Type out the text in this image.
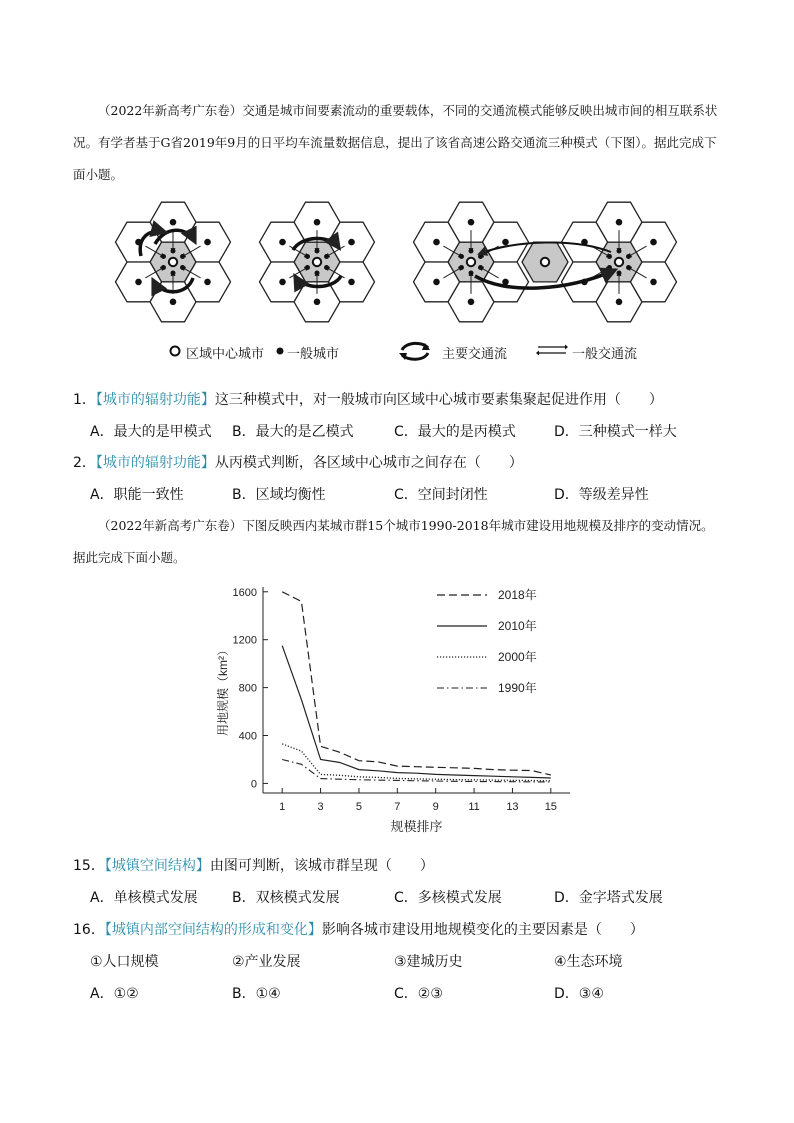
（2022年新高考广东卷）交通是城市间要素流动的重要载体，不同的交通流模式能够反映出城市间的相互联系状况。有学者基于G省2019年9月的日平均车流量数据信息，提出了该省高速公路交通流三种模式（下图）。据此完成下面小题。
区域中心城市 一般城市	主要交通流	一般交通流
1．【城市的辐射功能】这三种模式中，对一般城市向区域中心城市要素集聚起促进作用（　　）
A．最大的是甲模式 B．最大的是乙模式	C．最大的是丙模式	D．三种模式一样大
2．【城市的辐射功能】从丙模式判断，各区域中心城市之间存在（　　）
A．职能一致性	B．区域均衡性	C．空间封闭性	D．等级差异性
（2022年新高考广东卷）下图反映西内某城市群15个城市1990-2018年城市建设用地规模及排序的变动情况。据此完成下面小题。
0
400
800
1200
1600
1	3	5	7	9	11 13 15
规模排序
用地规模（km²）
2018年
2010年
2000年
1990年
15．【城镇空间结构】由图可判断，该城市群呈现（　　）
A．单核模式发展 B．双核模式发展	C．多核模式发展	D．金字塔式发展
16．【城镇内部空间结构的形成和变化】影响各城市建设用地规模变化的主要因素是（　　）
①人口规模	②产业发展	③建城历史	④生态环境
A．①②	B．①④	C．②③	D．③④
